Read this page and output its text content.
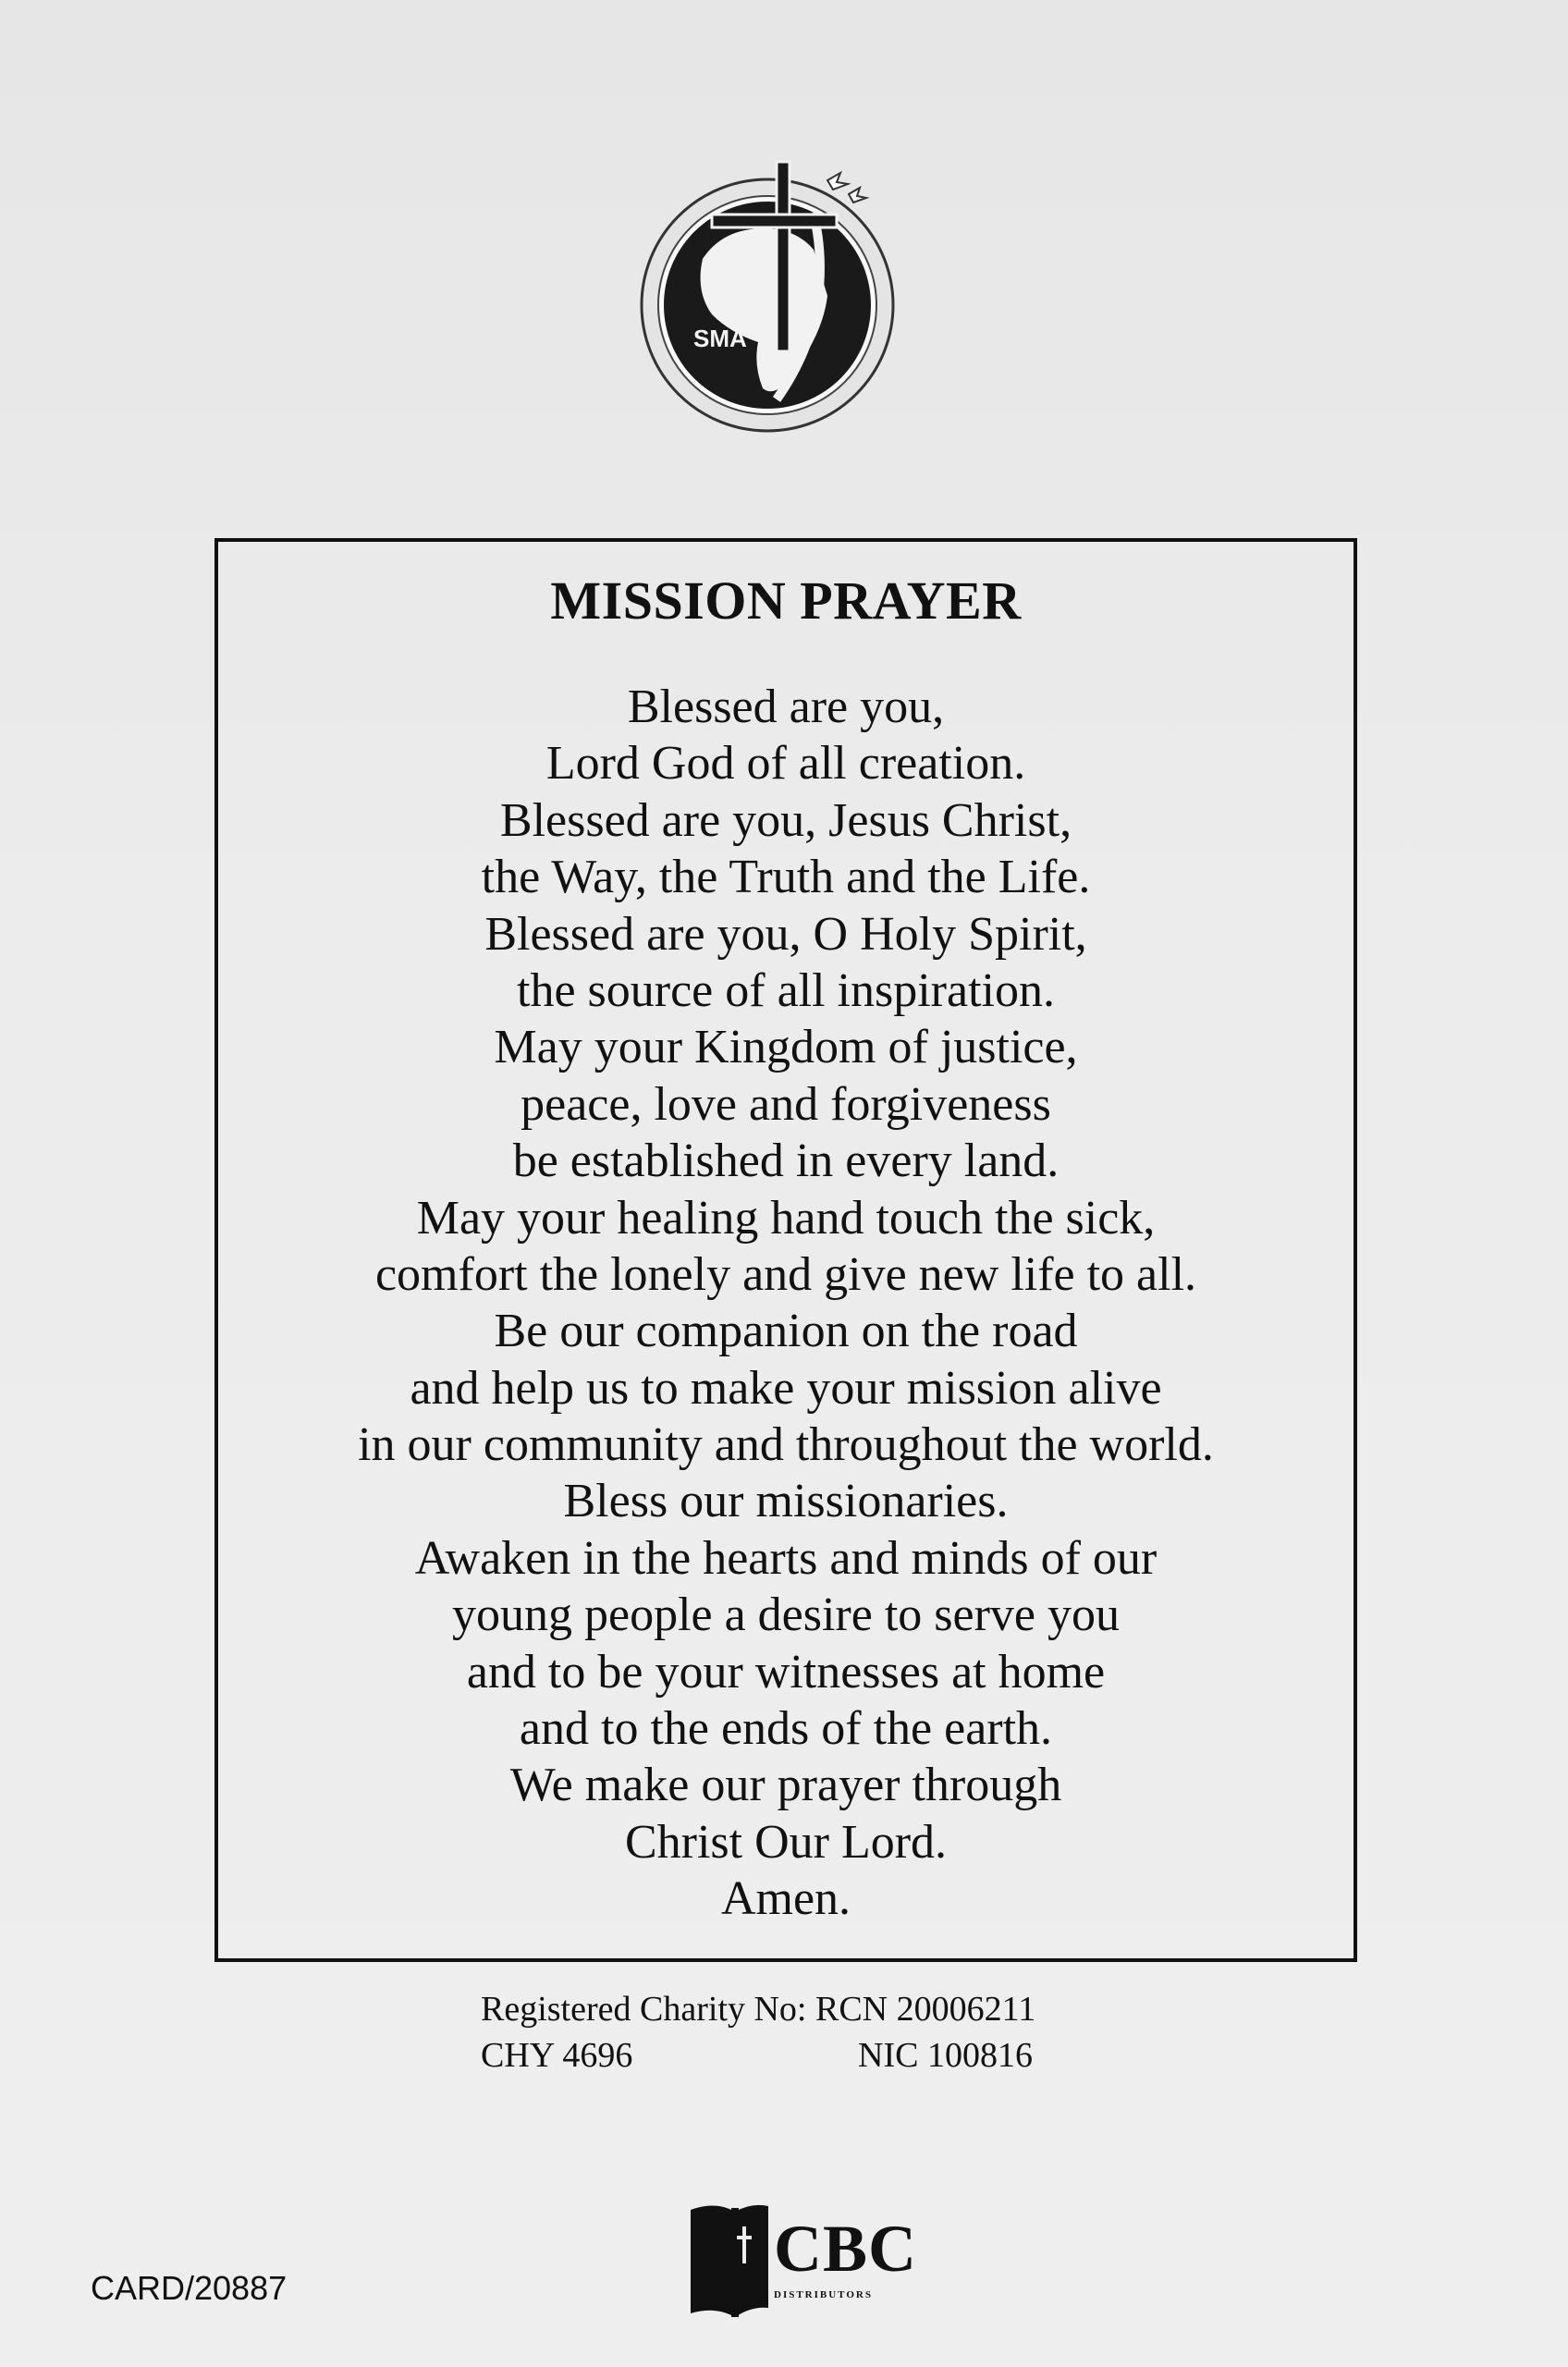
SMA
MISSION PRAYER
Blessed are you,
Lord God of all creation.
Blessed are you, Jesus Christ,
the Way, the Truth and the Life.
Blessed are you, O Holy Spirit,
the source of all inspiration.
May your Kingdom of justice,
peace, love and forgiveness
be established in every land.
May your healing hand touch the sick,
comfort the lonely and give new life to all.
Be our companion on the road
and help us to make your mission alive
in our community and throughout the world.
Bless our missionaries.
Awaken in the hearts and minds of our
young people a desire to serve you
and to be your witnesses at home
and to the ends of the earth.
We make our prayer through
Christ Our Lord.
Amen.
Registered Charity No:
RCN 20006211
CHY 4696	NIC 100816
CARD/20887
CBC
DISTRIBUTORS
